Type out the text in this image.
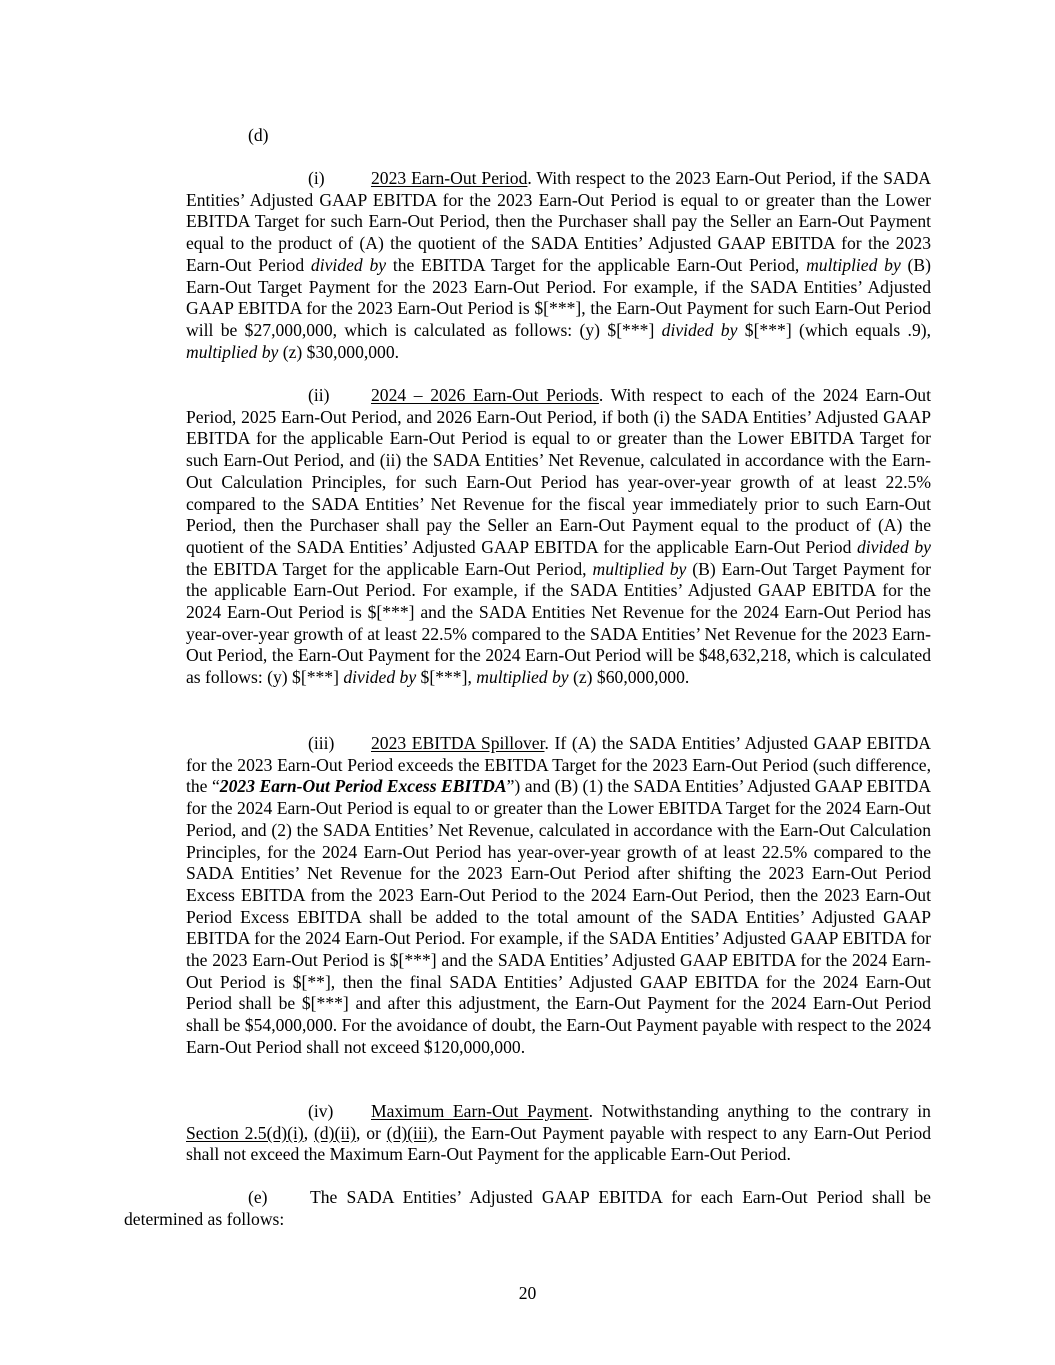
(d)

(i)	2023 Earn-Out Period. With respect to the 2023 Earn-Out Period, if the SADA Entities’ Adjusted GAAP EBITDA for the 2023 Earn-Out Period is equal to or greater than the Lower EBITDA Target for such Earn-Out Period, then the Purchaser shall pay the Seller an Earn-Out Payment equal to the product of (A) the quotient of the SADA Entities’ Adjusted GAAP EBITDA for the 2023 Earn-Out Period divided by the EBITDA Target for the applicable Earn-Out Period, multiplied by (B) Earn-Out Target Payment for the 2023 Earn-Out Period. For example, if the SADA Entities’ Adjusted GAAP EBITDA for the 2023 Earn-Out Period is $[***], the Earn-Out Payment for such Earn-Out Period will be $27,000,000, which is calculated as follows: (y) $[***] divided by $[***] (which equals .9), multiplied by (z) $30,000,000.

(ii) 2024 – 2026 Earn-Out Periods. With respect to each of the 2024 Earn-Out Period, 2025 Earn-Out Period, and 2026 Earn-Out Period, if both (i) the SADA Entities’ Adjusted GAAP EBITDA for the applicable Earn-Out Period is equal to or greater than the Lower EBITDA Target for such Earn-Out Period, and (ii) the SADA Entities’ Net Revenue, calculated in accordance with the Earn-Out Calculation Principles, for such Earn-Out Period has year-over-year growth of at least 22.5% compared to the SADA Entities’ Net Revenue for the fiscal year immediately prior to such Earn-Out Period, then the Purchaser shall pay the Seller an Earn-Out Payment equal to the product of (A) the quotient of the SADA Entities’ Adjusted GAAP EBITDA for the applicable Earn-Out Period divided by the EBITDA Target for the applicable Earn-Out Period, multiplied by (B) Earn-Out Target Payment for the applicable Earn-Out Period. For example, if the SADA Entities’ Adjusted GAAP EBITDA for the 2024 Earn-Out Period is $[***] and the SADA Entities Net Revenue for the 2024 Earn-Out Period has year-over-year growth of at least 22.5% compared to the SADA Entities’ Net Revenue for the 2023 Earn-Out Period, the Earn-Out Payment for the 2024 Earn-Out Period will be $48,632,218, which is calculated as follows: (y) $[***] divided by $[***], multiplied by (z) $60,000,000.

(iii) 2023 EBITDA Spillover. If (A) the SADA Entities’ Adjusted GAAP EBITDA for the 2023 Earn-Out Period exceeds the EBITDA Target for the 2023 Earn-Out Period (such difference, the “2023 Earn-Out Period Excess EBITDA”) and (B) (1) the SADA Entities’ Adjusted GAAP EBITDA for the 2024 Earn-Out Period is equal to or greater than the Lower EBITDA Target for the 2024 Earn-Out Period, and (2) the SADA Entities’ Net Revenue, calculated in accordance with the Earn-Out Calculation Principles, for the 2024 Earn-Out Period has year-over-year growth of at least 22.5% compared to the SADA Entities’ Net Revenue for the 2023 Earn-Out Period after shifting the 2023 Earn-Out Period Excess EBITDA from the 2023 Earn-Out Period to the 2024 Earn-Out Period, then the 2023 Earn-Out Period Excess EBITDA shall be added to the total amount of the SADA Entities’ Adjusted GAAP EBITDA for the 2024 Earn-Out Period. For example, if the SADA Entities’ Adjusted GAAP EBITDA for the 2023 Earn-Out Period is $[***] and the SADA Entities’ Adjusted GAAP EBITDA for the 2024 Earn-Out Period is $[**], then the final SADA Entities’ Adjusted GAAP EBITDA for the 2024 Earn-Out Period shall be $[***] and after this adjustment, the Earn-Out Payment for the 2024 Earn-Out Period shall be $54,000,000. For the avoidance of doubt, the Earn-Out Payment payable with respect to the 2024 Earn-Out Period shall not exceed $120,000,000.

(iv) Maximum Earn-Out Payment. Notwithstanding anything to the contrary in Section 2.5(d)(i), (d)(ii), or (d)(iii), the Earn-Out Payment payable with respect to any Earn-Out Period shall not exceed the Maximum Earn-Out Payment for the applicable Earn-Out Period.

(e) The SADA Entities’ Adjusted GAAP EBITDA for each Earn-Out Period shall be determined as follows:

20
